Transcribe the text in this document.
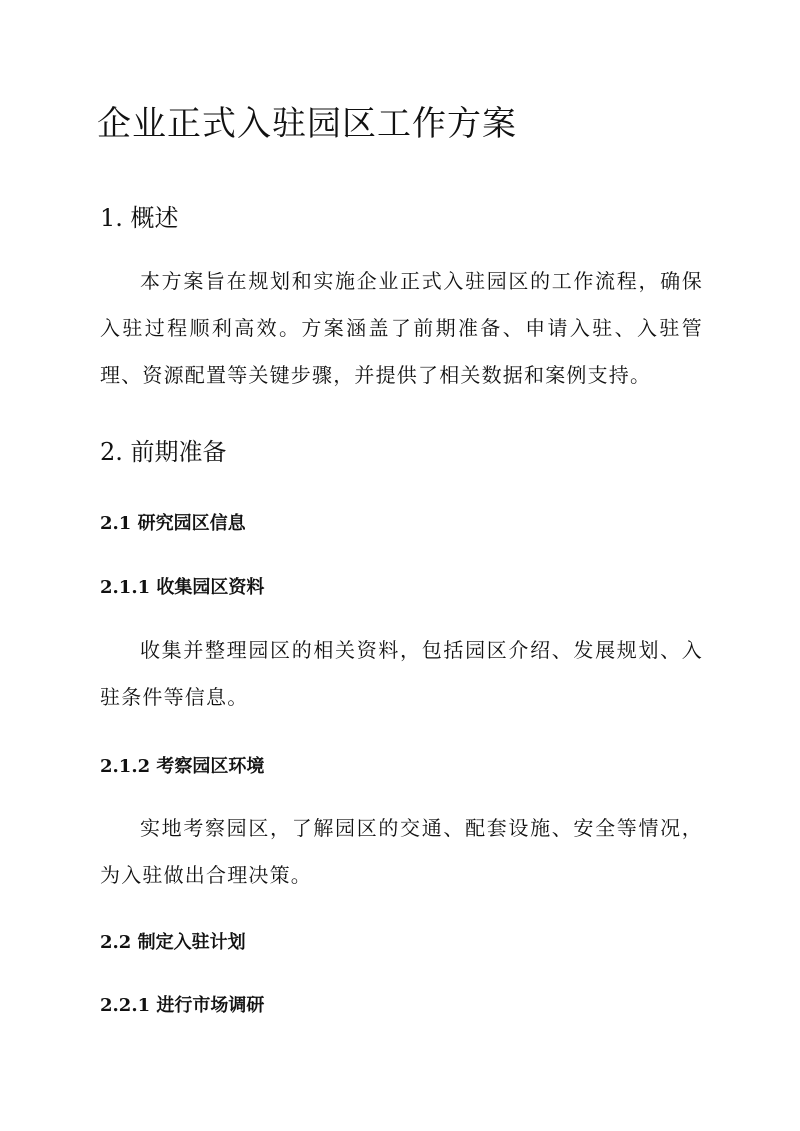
企业正式入驻园区工作方案
1. 概述

本方案旨在规划和实施企业正式入驻园区的工作流程，确保入驻过程顺利高效。方案涵盖了前期准备、申请入驻、入驻管理、资源配置等关键步骤，并提供了相关数据和案例支持。

2. 前期准备
2.1 研究园区信息
2.1.1 收集园区资料

收集并整理园区的相关资料，包括园区介绍、发展规划、入驻条件等信息。

2.1.2 考察园区环境

实地考察园区，了解园区的交通、配套设施、安全等情况，为入驻做出合理决策。

2.2 制定入驻计划
2.2.1 进行市场调研
